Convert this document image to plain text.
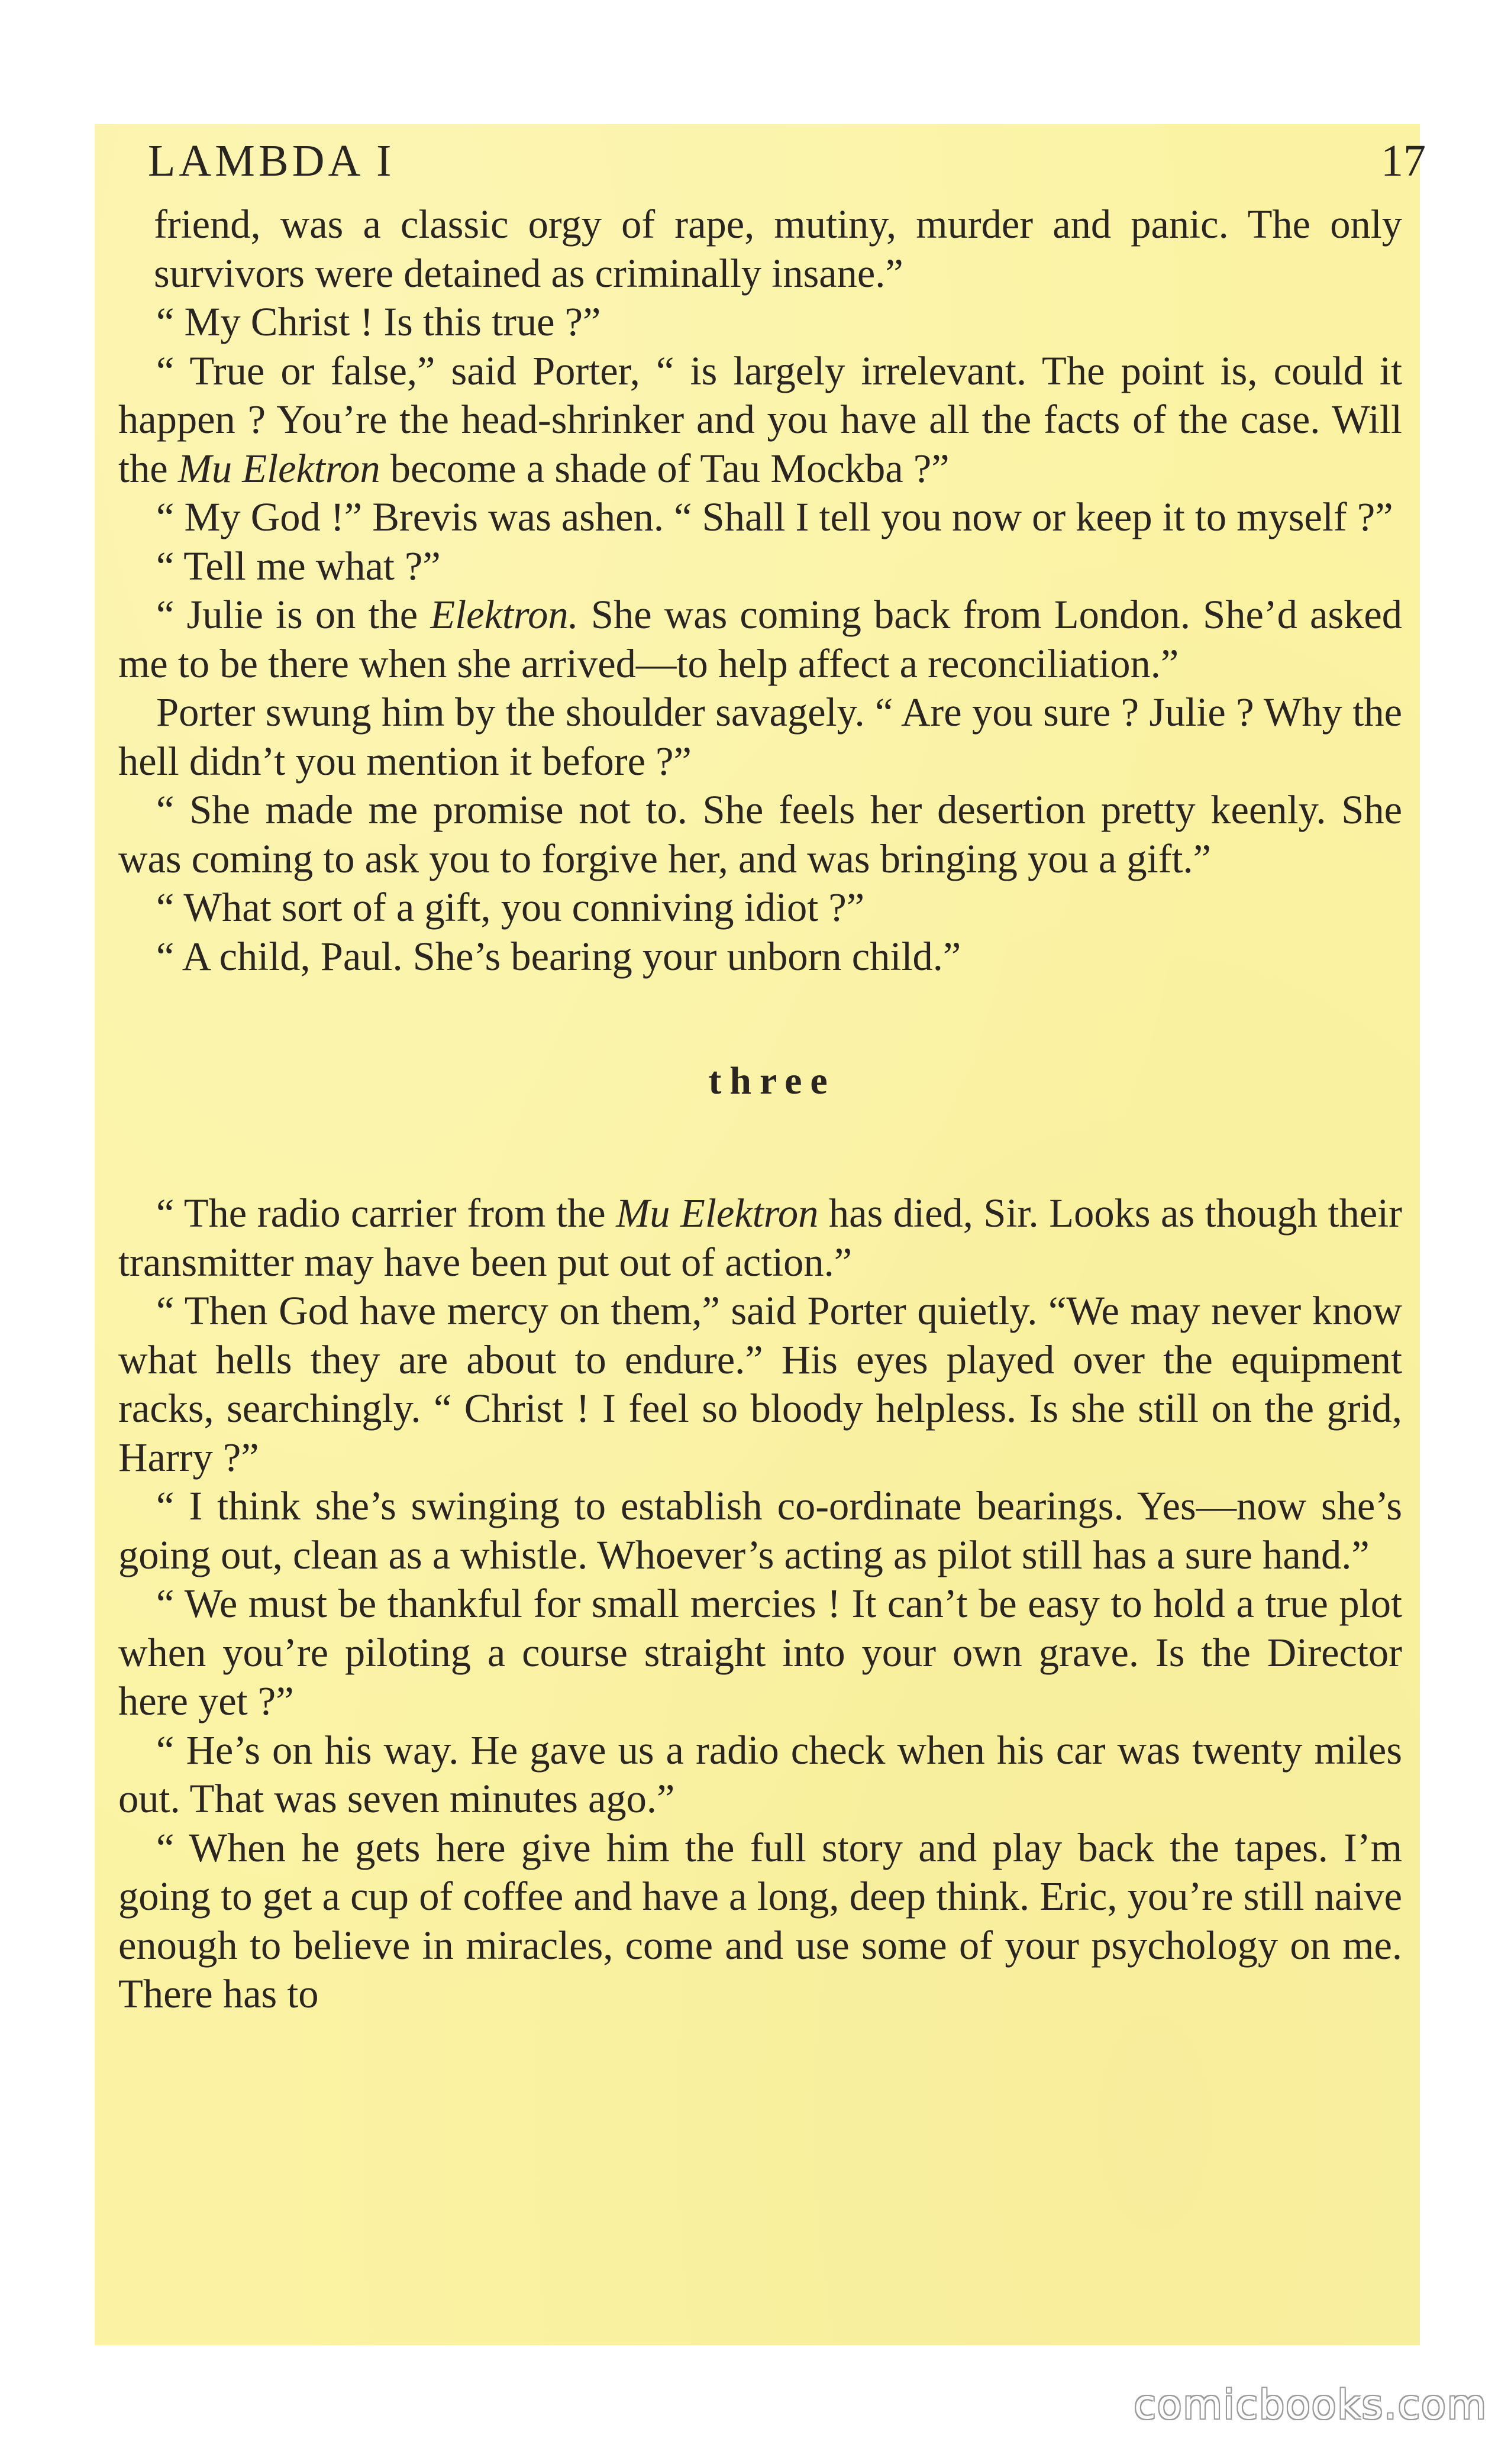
LAMBDA I	17

friend, was a classic orgy of rape, mutiny, murder and panic. The only survivors were detained as criminally insane.”

“ My Christ ! Is this true ?”

“ True or false,” said Porter, “ is largely irrelevant. The point is, could it happen ? You’re the head-shrinker and you have all the facts of the case. Will the Mu Elektron become a shade of Tau Mockba ?”

“ My God !” Brevis was ashen. “ Shall I tell you now or keep it to myself ?”

“ Tell me what ?”

“ Julie is on the Elektron. She was coming back from London. She’d asked me to be there when she arrived—to help affect a reconciliation.”

Porter swung him by the shoulder savagely. “ Are you sure ? Julie ? Why the hell didn’t you mention it before ?”

“ She made me promise not to. She feels her desertion pretty keenly. She was coming to ask you to forgive her, and was bringing you a gift.”

“ What sort of a gift, you conniving idiot ?”

“ A child, Paul. She’s bearing your unborn child.”

three

“ The radio carrier from the Mu Elektron has died, Sir. Looks as though their transmitter may have been put out of action.”

“ Then God have mercy on them,” said Porter quietly. “We may never know what hells they are about to endure.” His eyes played over the equipment racks, searchingly. “ Christ ! I feel so bloody helpless. Is she still on the grid, Harry ?”

“ I think she’s swinging to establish co-ordinate bearings. Yes—now she’s going out, clean as a whistle. Whoever’s acting as pilot still has a sure hand.”

“ We must be thankful for small mercies ! It can’t be easy to hold a true plot when you’re piloting a course straight into your own grave. Is the Director here yet ?”

“ He’s on his way. He gave us a radio check when his car was twenty miles out. That was seven minutes ago.”

“ When he gets here give him the full story and play back the tapes. I’m going to get a cup of coffee and have a long, deep think. Eric, you’re still naive enough to believe in miracles, come and use some of your psychology on me. There has to

comicbooks.com
